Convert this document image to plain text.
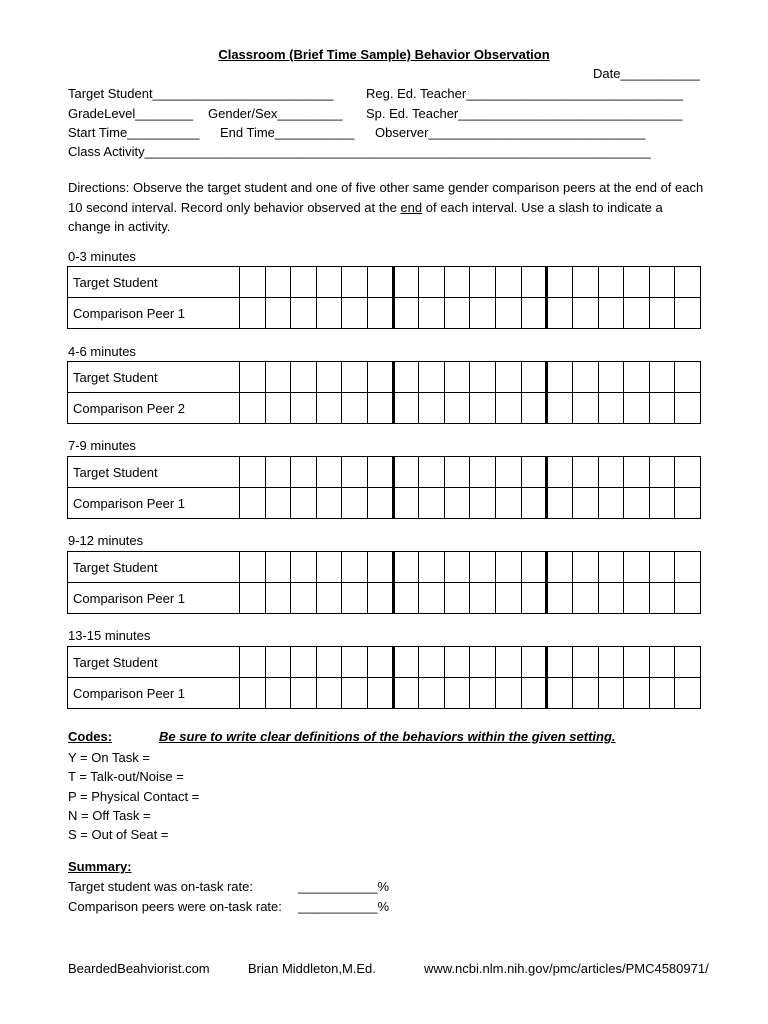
Classroom (Brief Time Sample) Behavior Observation
Date___________
Target Student_________________________	Reg. Ed. Teacher______________________________
GradeLevel________ Gender/Sex_________ Sp. Ed. Teacher_______________________________
Start Time__________ End Time___________ Observer______________________________
Class Activity______________________________________________________________________
Directions: Observe the target student and one of five other same gender comparison peers at the end of each 10 second interval. Record only behavior observed at the end of each interval. Use a slash to indicate a change in activity.
0-3 minutes
Target Student																		
Comparison Peer 1																		
4-6 minutes
Target Student																		
Comparison Peer 2																		
7-9 minutes
Target Student																		
Comparison Peer 1																		
9-12 minutes
Target Student																		
Comparison Peer 1																		
13-15 minutes
Target Student																		
Comparison Peer 1																		
Codes:	Be sure to write clear definitions of the behaviors within the given setting.
Y = On Task =
T = Talk-out/Noise =
P = Physical Contact =
N = Off Task =
S = Out of Seat =
Summary:
Target student was on-task rate:	___________%
Comparison peers were on-task rate: ___________%
BeardedBeahviorist.com	Brian Middleton,M.Ed.	www.ncbi.nlm.nih.gov/pmc/articles/PMC4580971/
